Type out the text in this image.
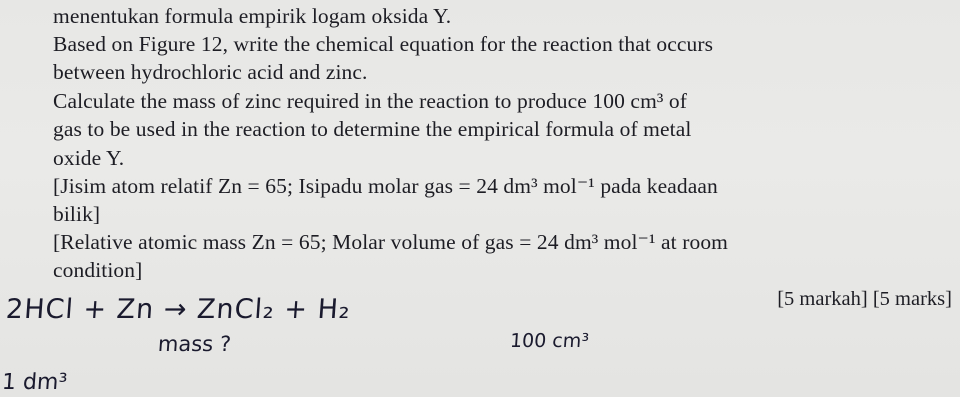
menentukan formula empirik logam oksida Y.
Based on Figure 12, write the chemical equation for the reaction that occurs
between hydrochloric acid and zinc.
Calculate the mass of zinc required in the reaction to produce 100 cm³ of
gas to be used in the reaction to determine the empirical formula of metal
oxide Y.
[Jisim atom relatif Zn = 65; Isipadu molar gas = 24 dm³ mol⁻¹ pada keadaan
bilik]
[Relative atomic mass Zn = 65; Molar volume of gas = 24 dm³ mol⁻¹ at room
condition]
[5 markah] [5 marks]
2HCl + Zn → ZnCl₂ + H₂
mass ?	100 cm³
1 dm³
